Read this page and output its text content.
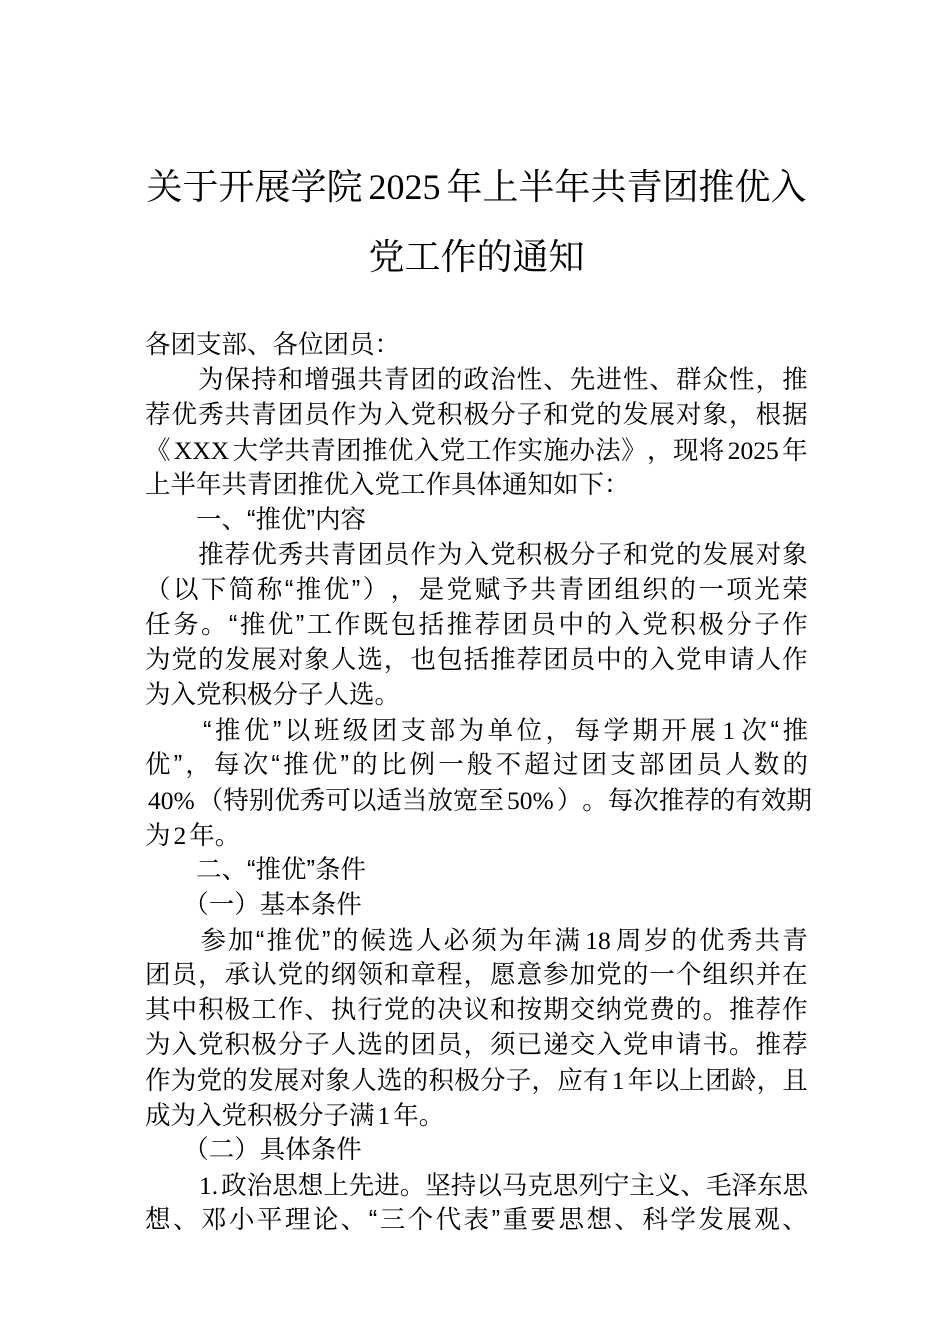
关于开展学院 2025 年上半年共青团推优入
党工作的通知
各团支部、各位团员：

为 保 持 和 增 强 共 青 团 的 政 治 性 、 先 进 性 、 群 众 性 ， 推
荐 优 秀 共 青 团 员 作 为 入 党 积 极 分 子 和 党 的 发 展 对 象 ， 根 据
《 XXX 大 学 共 青 团 推 优 入 党 工 作 实 施 办 法 》 ， 现 将 2025 年
上半年共青团推优入党工作具体通知如下：
　　一、“推优”内容

推 荐 优 秀 共 青 团 员 作 为 入 党 积 极 分 子 和 党 的 发 展 对 象
（ 以 下 简 称 “ 推 优 ” ） ， 是 党 赋 予 共 青 团 组 织 的 一 项 光 荣
任 务 。 “ 推 优 ” 工 作 既 包 括 推 荐 团 员 中 的 入 党 积 极 分 子 作
为 党 的 发 展 对 象 人 选 ， 也 包 括 推 荐 团 员 中 的 入 党 申 请 人 作
为入党积极分子人选。

“ 推 优 ” 以 班 级 团 支 部 为 单 位 ， 每 学 期 开 展 1 次 “ 推
优 ” ， 每 次 “ 推 优 ” 的 比 例 一 般 不 超 过 团 支 部 团 员 人 数 的
40% （ 特 别 优 秀 可 以 适 当 放 宽 至 50% ） 。 每 次 推 荐 的 有 效 期
为 2 年。
　　二、“推优”条件
　　（一）基本条件

参 加 “ 推 优 ” 的 候 选 人 必 须 为 年 满 18 周 岁 的 优 秀 共 青
团 员 ， 承 认 党 的 纲 领 和 章 程 ， 愿 意 参 加 党 的 一 个 组 织 并 在
其 中 积 极 工 作 、 执 行 党 的 决 议 和 按 期 交 纳 党 费 的 。 推 荐 作
为 入 党 积 极 分 子 人 选 的 团 员 ， 须 已 递 交 入 党 申 请 书 。 推 荐
作 为 党 的 发 展 对 象 人 选 的 积 极 分 子 ， 应 有 1 年 以 上 团 龄 ， 且
成为入党积极分子满 1 年。
　　（二）具体条件

1. 政 治 思 想 上 先 进 。 坚 持 以 马 克 思 列 宁 主 义 、 毛 泽 东 思
想 、 邓 小 平 理 论 、 “ 三 个 代 表 ” 重 要 思 想 、 科 学 发 展 观 、
